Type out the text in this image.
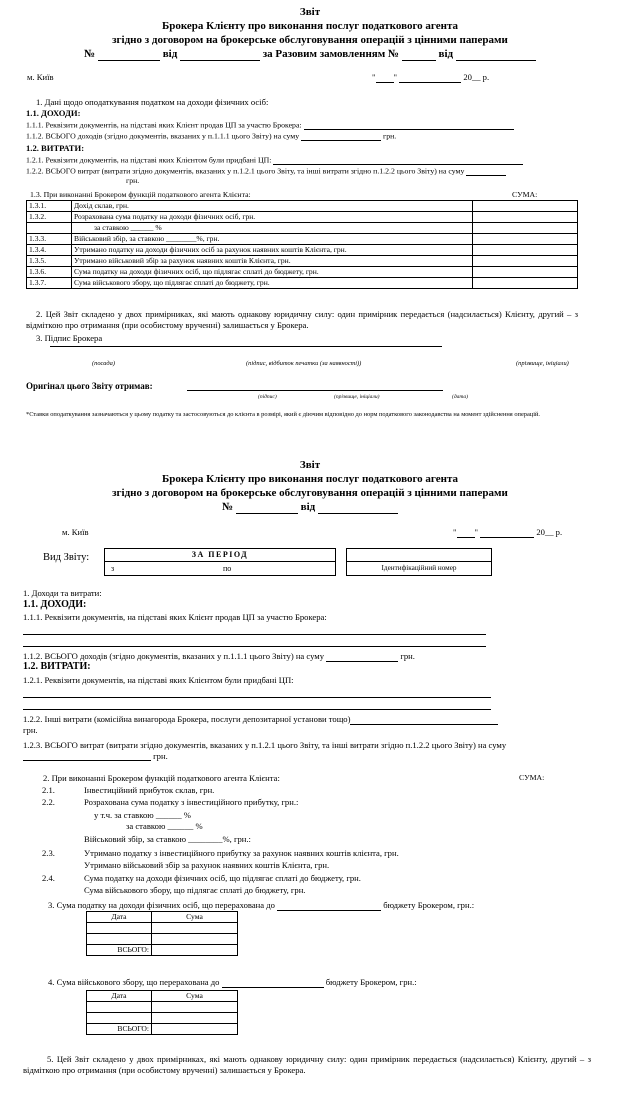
Звіт
Брокера Клієнту про виконання послуг податкового агента
згідно з договором на брокерське обслуговування операцій з цінними паперами
№	від	за Разовим замовленням №	від
м. Київ	" "	20__ р.
1. Дані щодо оподаткування податком на доходи фізичних осіб:
1.1. ДОХОДИ:
1.1.1. Реквізити документів, на підставі яких Клієнт продав ЦП за участю Брокера:
1.1.2. ВСЬОГО доходів (згідно документів, вказаних у п.1.1.1 цього Звіту) на суму	грн.
1.2. ВИТРАТИ:
1.2.1. Реквізити документів, на підставі яких Клієнтом були придбані ЦП:
1.2.2. ВСЬОГО витрат (витрати згідно документів, вказаних у п.1.2.1 цього Звіту, та інші витрати згідно п.1.2.2 цього Звіту) на суму
грн.
1.3. При виконанні Брокером функцій податкового агента Клієнта:	СУМА:
1.3.1.	Дохід склав, грн.	
1.3.2.	Розрахована сума податку на доходи фізичних осіб, грн.	
	за ставкою ______ %	
1.3.3.	Військовий збір, за ставкою ________%, грн.	
1.3.4.	Утримано податку на доходи фізичних осіб за рахунок наявних коштів Клієнта, грн.	
1.3.5.	Утримано військовий збір за рахунок наявних коштів Клієнта, грн.	
1.3.6.	Сума податку на доходи фізичних осіб, що підлягає сплаті до бюджету, грн.	
1.3.7.	Сума військового збору, що підлягає сплаті до бюджету, грн.	
2. Цей Звіт складено у двох примірниках, які мають однакову юридичну силу: один примірник передається (надсилається) Клієнту, другий – з відміткою про отримання (при особистому врученні) залишається у Брокера.
3. Підпис Брокера
(посада)	(підпис, відбиток печатки (за наявності))	(прізвище, ініціали)
Оригінал цього Звіту отримав:
(підпис)	(прізвище, ініціали)	(дата)
*Ставки оподаткування зазначаються у цьому податку та застосовуються до клієнта в розмірі, який є діючим відповідно до норм податкового законодавства на момент здійснення операцій.
Звіт
Брокера Клієнту про виконання послуг податкового агента
згідно з договором на брокерське обслуговування операцій з цінними паперами
№	від
м. Київ	" "	20__ р.
Вид Звіту:	ЗА ПЕРІОД
з	по	Ідентифікаційний номер
1. Доходи та витрати:
1.1. ДОХОДИ:
1.1.1. Реквізити документів, на підставі яких Клієнт продав ЦП за участю Брокера:
1.1.2. ВСЬОГО доходів (згідно документів, вказаних у п.1.1.1 цього Звіту) на суму	грн.
1.2. ВИТРАТИ:
1.2.1. Реквізити документів, на підставі яких Клієнтом були придбані ЦП:
1.2.2. Інші витрати (комісійна винагорода Брокера, послуги депозитарної установи тощо)
грн.
1.2.3. ВСЬОГО витрат (витрати згідно документів, вказаних у п.1.2.1 цього Звіту, та інші витрати згідно п.1.2.2 цього Звіту) на суму  грн.
2. При виконанні Брокером функцій податкового агента Клієнта:	СУМА:
2.1.	Інвестиційний прибуток склав, грн.
2.2.	Розрахована сума податку з інвестиційного прибутку, грн.:
у т.ч. за ставкою ______ %
за ставкою ______ %
Військовий збір, за ставкою ________%, грн.:
2.3.	Утримано податку з інвестиційного прибутку за рахунок наявних коштів клієнта, грн.
Утримано військовий збір за рахунок наявних коштів Клієнта, грн.
2.4.	Сума податку на доходи фізичних осіб, що підлягає сплаті до бюджету, грн.
Сума військового збору, що підлягає сплаті до бюджету, грн.
3. Сума податку на доходи фізичних осіб, що перерахована до	бюджету Брокером, грн.:
Дата	Сума

ВСЬОГО:	
4. Сума військового збору, що перерахована до	бюджету Брокером, грн.:
Дата	Сума

ВСЬОГО:	
5. Цей Звіт складено у двох примірниках, які мають однакову юридичну силу: один примірник передається (надсилається) Клієнту, другий – з відміткою про отримання (при особистому врученні) залишається у Брокера.
